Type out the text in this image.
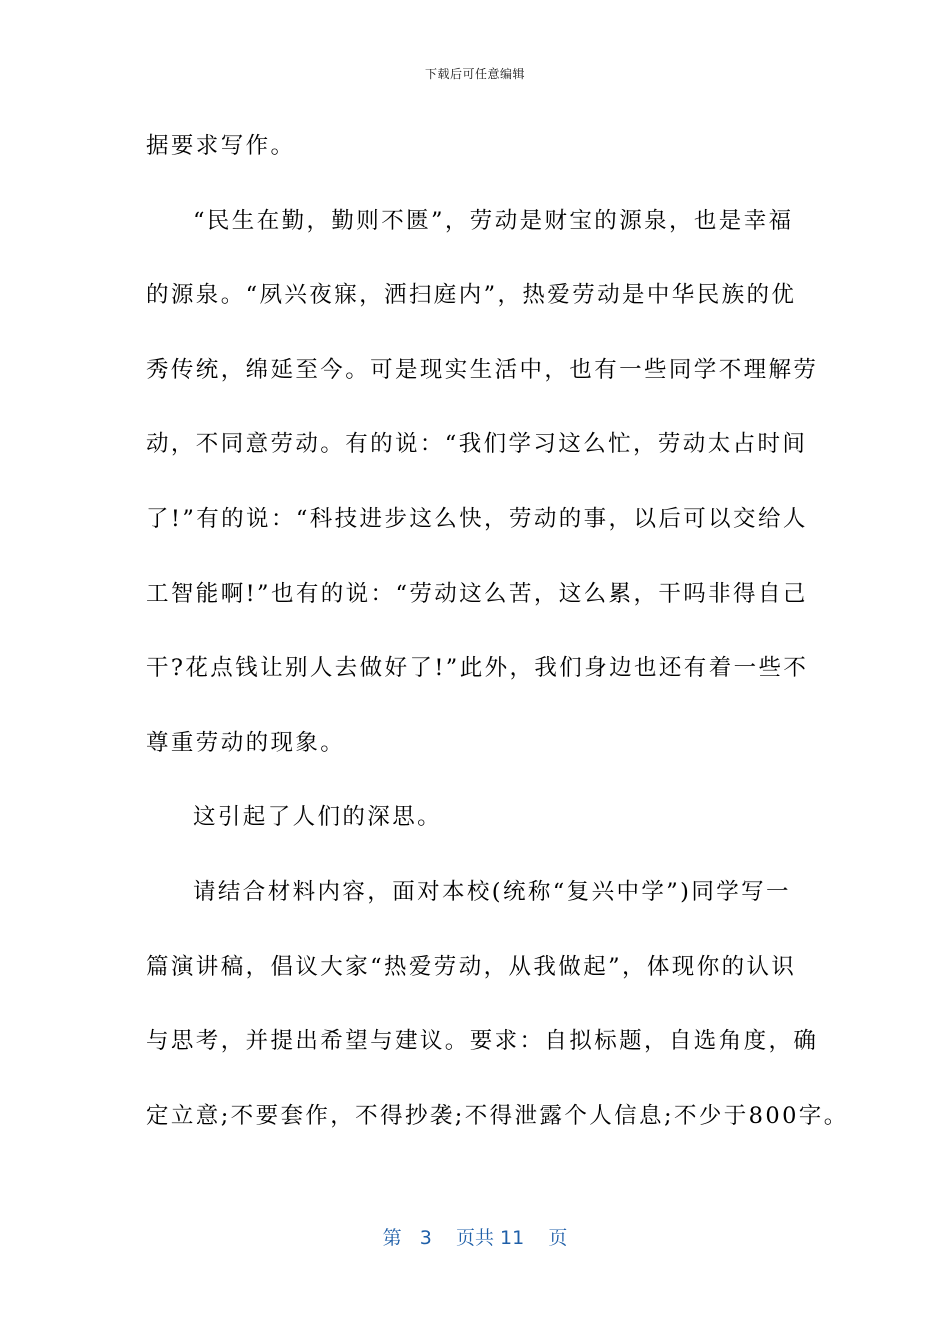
下载后可任意编辑
据要求写作。
“民生在勤，勤则不匮”，劳动是财宝的源泉，也是幸福
的源泉。“夙兴夜寐，洒扫庭内”，热爱劳动是中华民族的优
秀传统，绵延至今。可是现实生活中，也有一些同学不理解劳
动，不同意劳动。有的说：“我们学习这么忙，劳动太占时间
了!”有的说：“科技进步这么快，劳动的事，以后可以交给人
工智能啊!”也有的说：“劳动这么苦，这么累，干吗非得自己
干?花点钱让别人去做好了!”此外，我们身边也还有着一些不
尊重劳动的现象。
这引起了人们的深思。
请结合材料内容，面对本校(统称“复兴中学”)同学写一
篇演讲稿，倡议大家“热爱劳动，从我做起”，体现你的认识
与思考，并提出希望与建议。要求：自拟标题，自选角度，确
定立意;不要套作，不得抄袭;不得泄露个人信息;不少于800字。
第 3 页共 11 页
